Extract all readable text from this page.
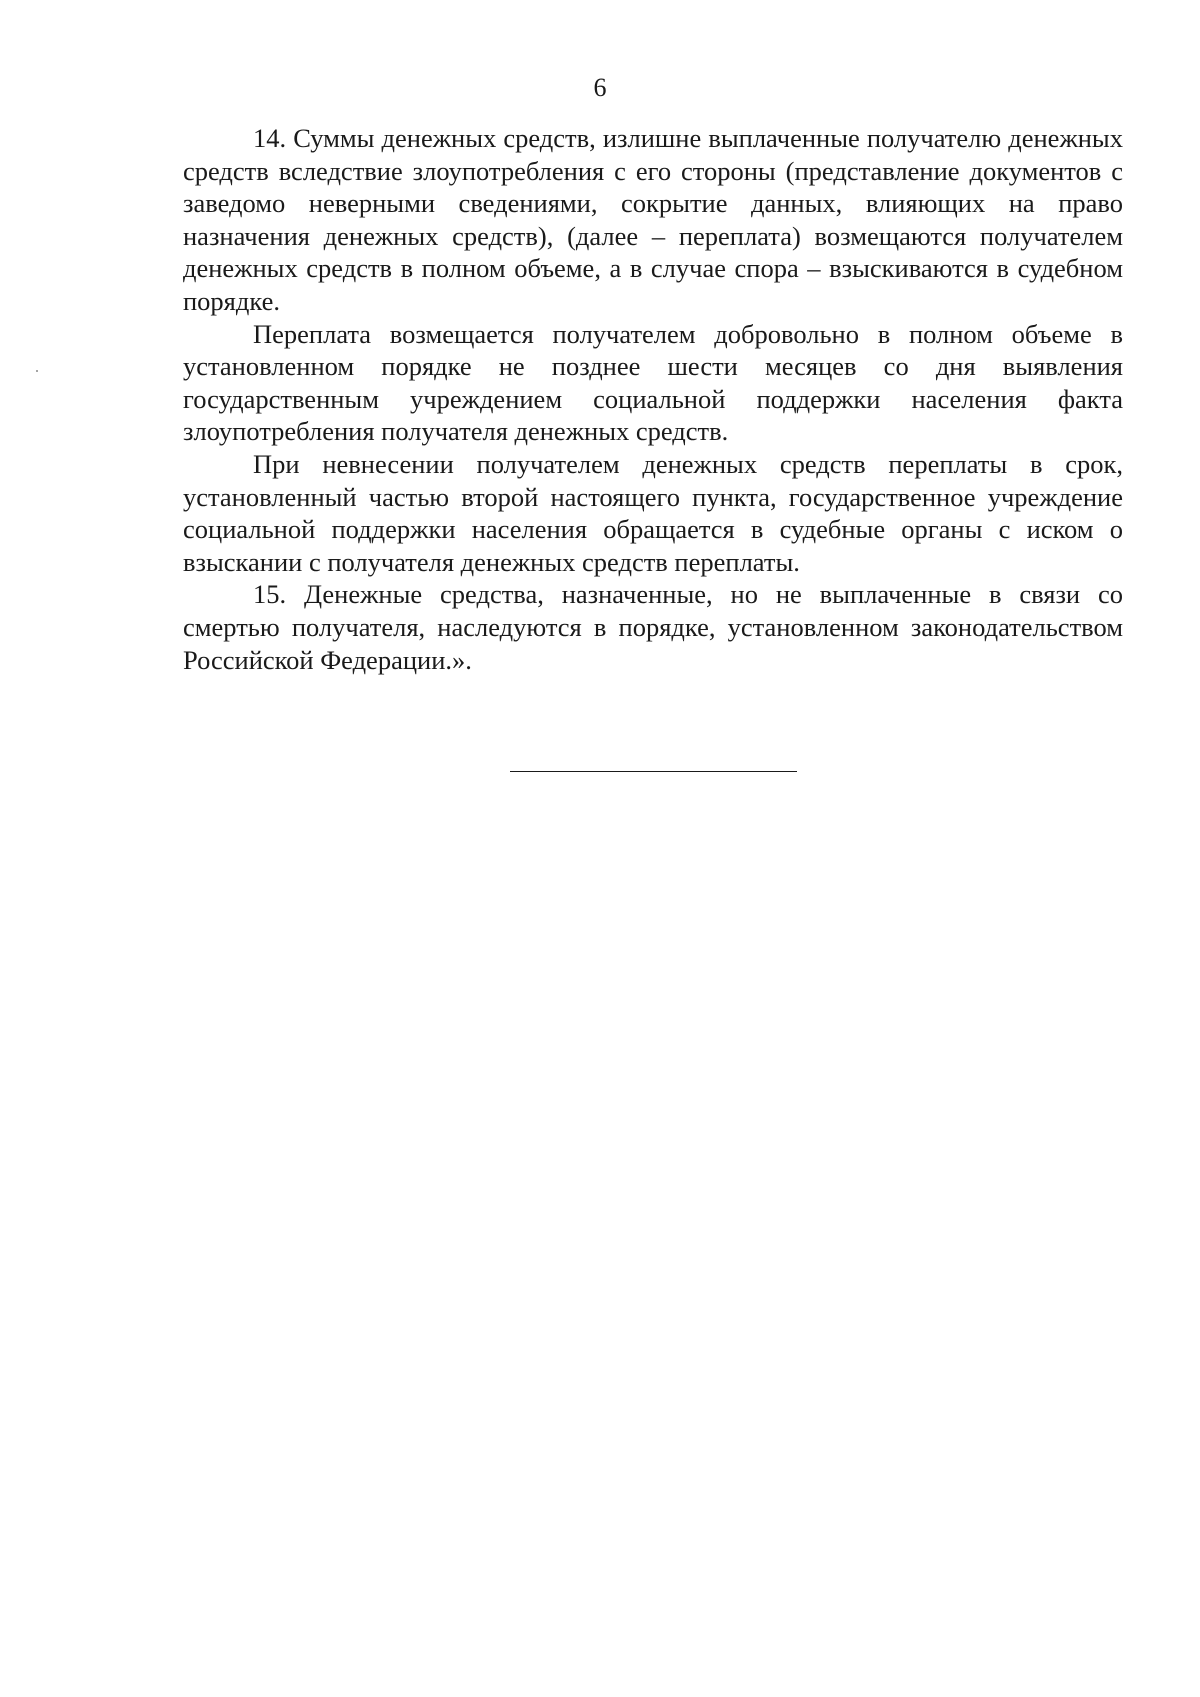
6

14. Суммы денежных средств, излишне выплаченные получателю денежных средств вследствие злоупотребления с его стороны (представление документов с заведомо неверными сведениями, сокрытие данных, влияющих на право назначения денежных средств), (далее – переплата) возмещаются получателем денежных средств в полном объеме, а в случае спора – взыскиваются в судебном порядке.

Переплата возмещается получателем добровольно в полном объеме в установленном порядке не позднее шести месяцев со дня выявления государственным учреждением социальной поддержки населения факта злоупотребления получателя денежных средств.

При невнесении получателем денежных средств переплаты в срок, установленный частью второй настоящего пункта, государственное учреждение социальной поддержки населения обращается в судебные органы с иском о взыскании с получателя денежных средств переплаты.

15. Денежные средства, назначенные, но не выплаченные в связи со смертью получателя, наследуются в порядке, установленном законодательством Российской Федерации.».
